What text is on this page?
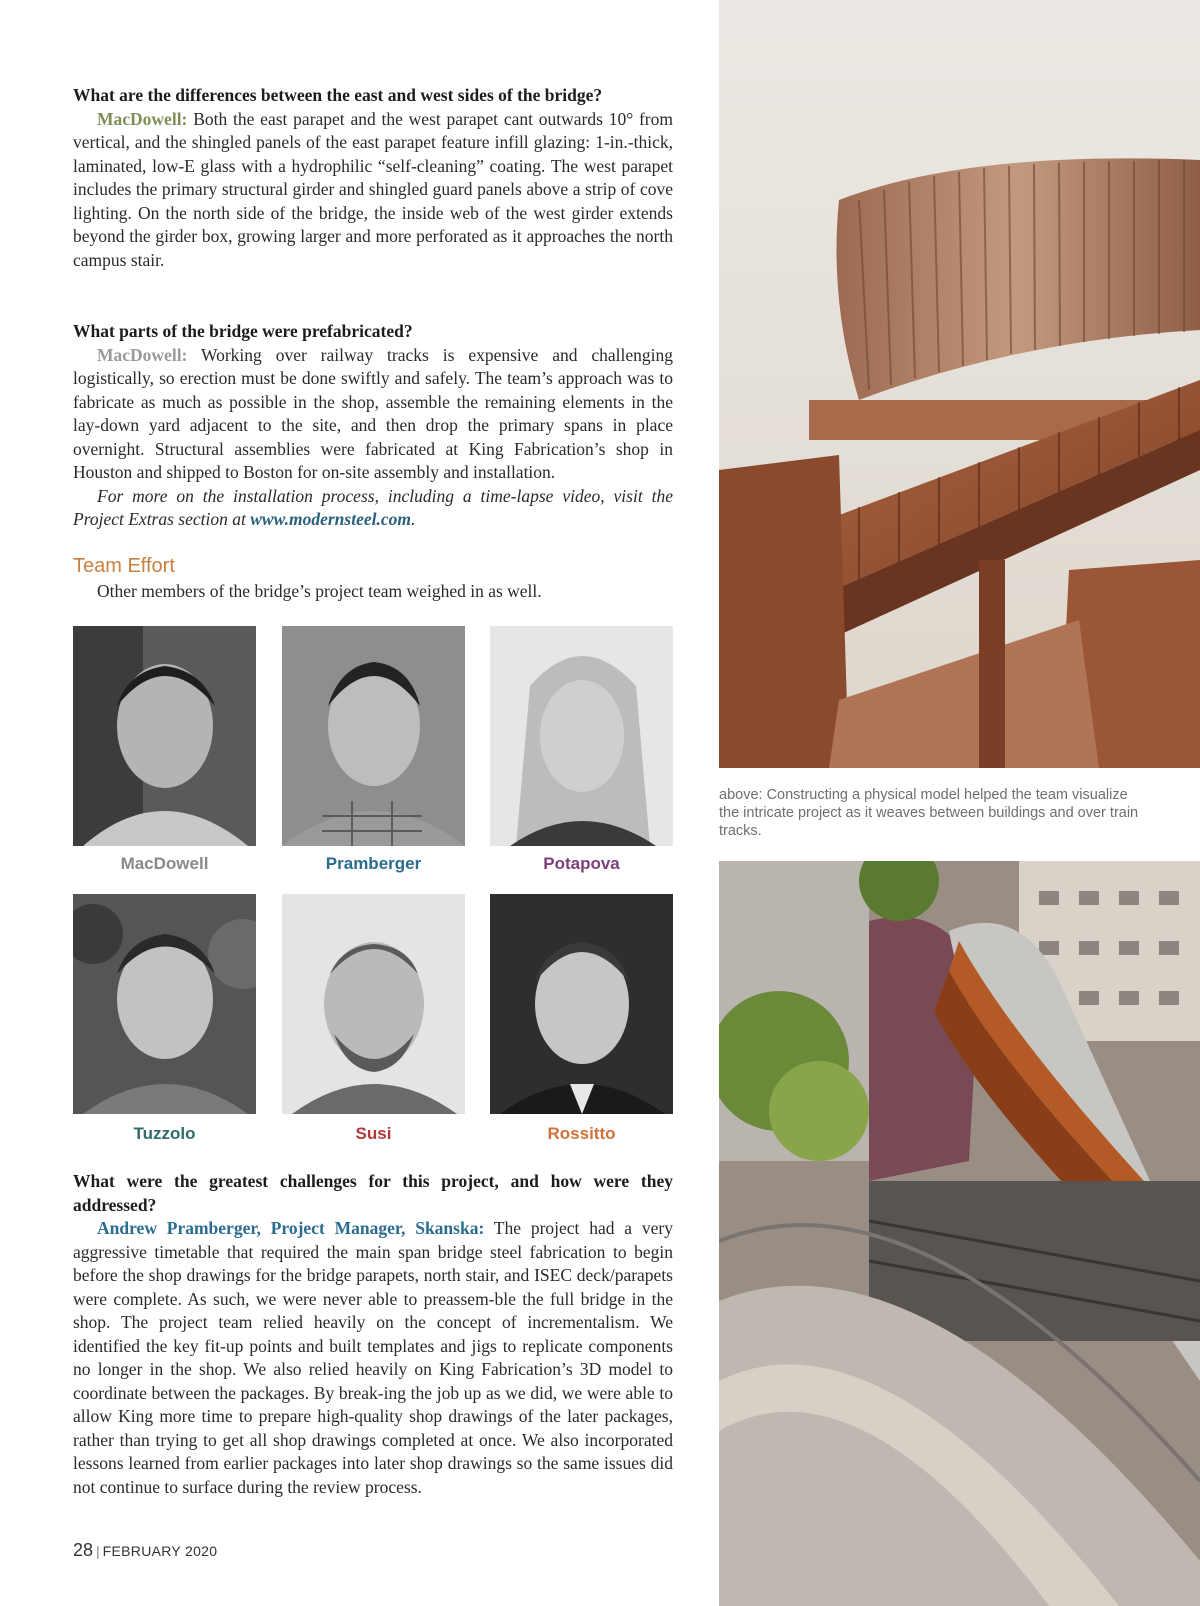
above: Constructing a physical model helped the team visualize the intricate project as it weaves between buildings and over train tracks.
What are the differences between the east and west sides of the bridge?

MacDowell: Both the east parapet and the west parapet cant outwards 10° from vertical, and the shingled panels of the east parapet feature infill glazing: 1-in.-thick, laminated, low-E glass with a hydrophilic “self-cleaning” coating. The west parapet includes the primary structural girder and shingled guard panels above a strip of cove lighting. On the north side of the bridge, the inside web of the west girder extends beyond the girder box, growing larger and more perforated as it approaches the north campus stair.

What parts of the bridge were prefabricated?

MacDowell: Working over railway tracks is expensive and challenging logistically, so erection must be done swiftly and safely. The team’s approach was to fabricate as much as possible in the shop, assemble the remaining elements in the lay-down yard adjacent to the site, and then drop the primary spans in place overnight. Structural assemblies were fabricated at King Fabrication’s shop in Houston and shipped to Boston for on-site assembly and installation.

For more on the installation process, including a time-lapse video, visit the Project Extras section at www.modernsteel.com.

Team Effort

Other members of the bridge’s project team weighed in as well.

MacDowell	Pramberger	Potapova
Tuzzolo	Susi	Rossitto
What were the greatest challenges for this project, and how were they addressed?

Andrew Pramberger, Project Manager, Skanska: The project had a very aggressive timetable that required the main span bridge steel fabrication to begin before the shop drawings for the bridge parapets, north stair, and ISEC deck/parapets were complete. As such, we were never able to preassem-ble the full bridge in the shop. The project team relied heavily on the concept of incrementalism. We identified the key fit-up points and built templates and jigs to replicate components no longer in the shop. We also relied heavily on King Fabrication’s 3D model to coordinate between the packages. By break-ing the job up as we did, we were able to allow King more time to prepare high-quality shop drawings of the later packages, rather than trying to get all shop drawings completed at once. We also incorporated lessons learned from earlier packages into later shop drawings so the same issues did not continue to surface during the review process.

28 | FEBRUARY 2020
